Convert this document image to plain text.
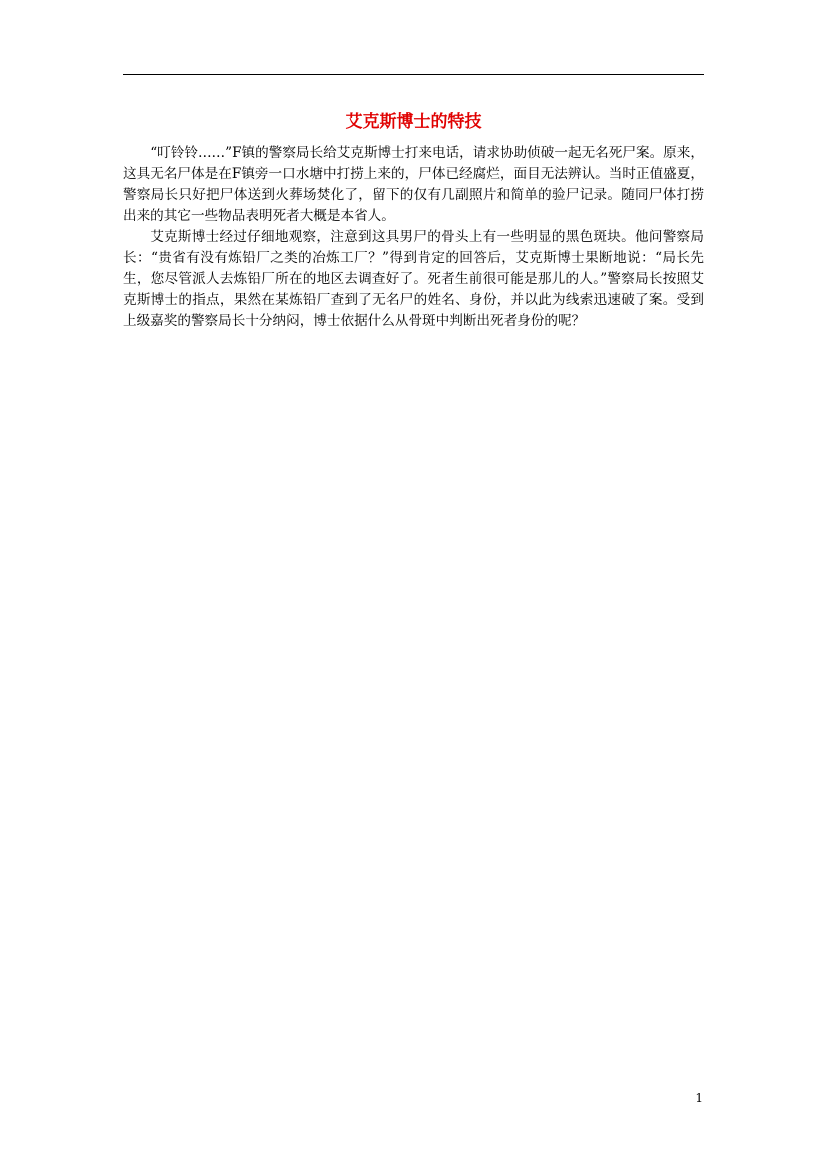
艾克斯博士的特技

“叮铃铃……”F镇的警察局长给艾克斯博士打来电话，请求协助侦破一起无名死尸案。原来，这具无名尸体是在F镇旁一口水塘中打捞上来的，尸体已经腐烂，面目无法辨认。当时正值盛夏，警察局长只好把尸体送到火葬场焚化了，留下的仅有几副照片和简单的验尸记录。随同尸体打捞出来的其它一些物品表明死者大概是本省人。

艾克斯博士经过仔细地观察，注意到这具男尸的骨头上有一些明显的黑色斑块。他问警察局长：“贵省有没有炼铅厂之类的冶炼工厂？”得到肯定的回答后，艾克斯博士果断地说：“局长先生，您尽管派人去炼铅厂所在的地区去调查好了。死者生前很可能是那儿的人。”警察局长按照艾克斯博士的指点，果然在某炼铅厂查到了无名尸的姓名、身份，并以此为线索迅速破了案。受到上级嘉奖的警察局长十分纳闷，博士依据什么从骨斑中判断出死者身份的呢？

1
